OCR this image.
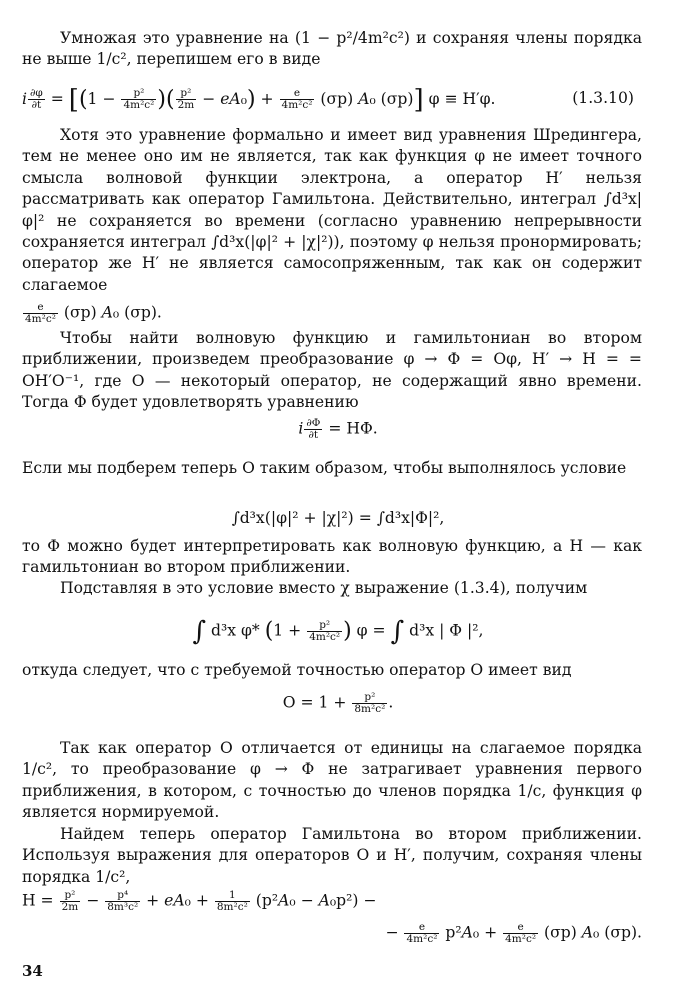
Умножая это уравнение на (1 − p²/4m²c²) и сохраняя члены порядка не выше 1/c², перепишем его в виде

i $\frac{\partial\varphi}{\partial t} = [(1 - \frac{\text{p²}}{\text{4m²c²}}$ )( $\frac{\text{p²}}{2m} - eA_0) + \frac{e}{\text{4m²c²}} (\sigma p)$ A₀ (σp)] φ ≡ H′φ.	(1.3.10)

Хотя это уравнение формально и имеет вид уравнения Шредингера, тем не менее оно им не является, так как функция φ не имеет точного смысла волновой функции электрона, а оператор H′ нельзя рассматривать как оператор Гамильтона. Действительно, интеграл ∫d³x|φ|² не сохраняется во времени (согласно уравнению непрерывности сохраняется интеграл ∫d³x(|φ|² + |χ|²)), поэтому φ нельзя пронормировать; оператор же H′ не является самосопряженным, так как он содержит слагаемое

$\frac{e}{\text{4m²c²}} (\sigma p)$ A₀ (σp).

Чтобы найти волновую функцию и гамильтониан во втором приближении, произведем преобразование φ → Φ = Oφ, H′ → H = = OH′O⁻¹, где O — некоторый оператор, не содержащий явно времени. Тогда Φ будет удовлетворять уравнению

i $\frac{\partial\Phi}{\partial t} = H\Phi$.

Если мы подберем теперь O таким образом, чтобы выполнялось условие

∫d³x(|φ|² + |χ|²) = ∫d³x|Φ|²,

то Φ можно будет интерпретировать как волновую функцию, а H — как гамильтониан во втором приближении.

Подставляя в это условие вместо χ выражение (1.3.4), получим

∫ d³x φ* ($1 + \frac{\text{p²}}{\text{4m²c²}}$ ) φ = ∫ d³x | Φ |²,

откуда следует, что с требуемой точностью оператор O имеет вид

$O = 1 + \frac{\text{p²}}{\text{8m²c²}}$ .

Так как оператор O отличается от единицы на слагаемое порядка 1/c², то преобразование φ → Φ не затрагивает уравнения первого приближения, в котором, с точностью до членов порядка 1/c, функция φ является нормируемой.

Найдем теперь оператор Гамильтона во втором приближении. Используя выражения для операторов O и H′, получим, сохраняя члены порядка 1/c²,

$H = \frac{\text{p²}}{2m} - \frac{\text{p⁴}}{\text{8m³c²}} + eA_0 + \frac{1}{\text{8m²c²}} (p^2A_0 - A_0p^2)$ −
− $\frac{e}{\text{4m²c²}} p^2A_0 + \frac{e}{\text{4m²c²}} (\sigma p)$ A₀ (σp).
34
